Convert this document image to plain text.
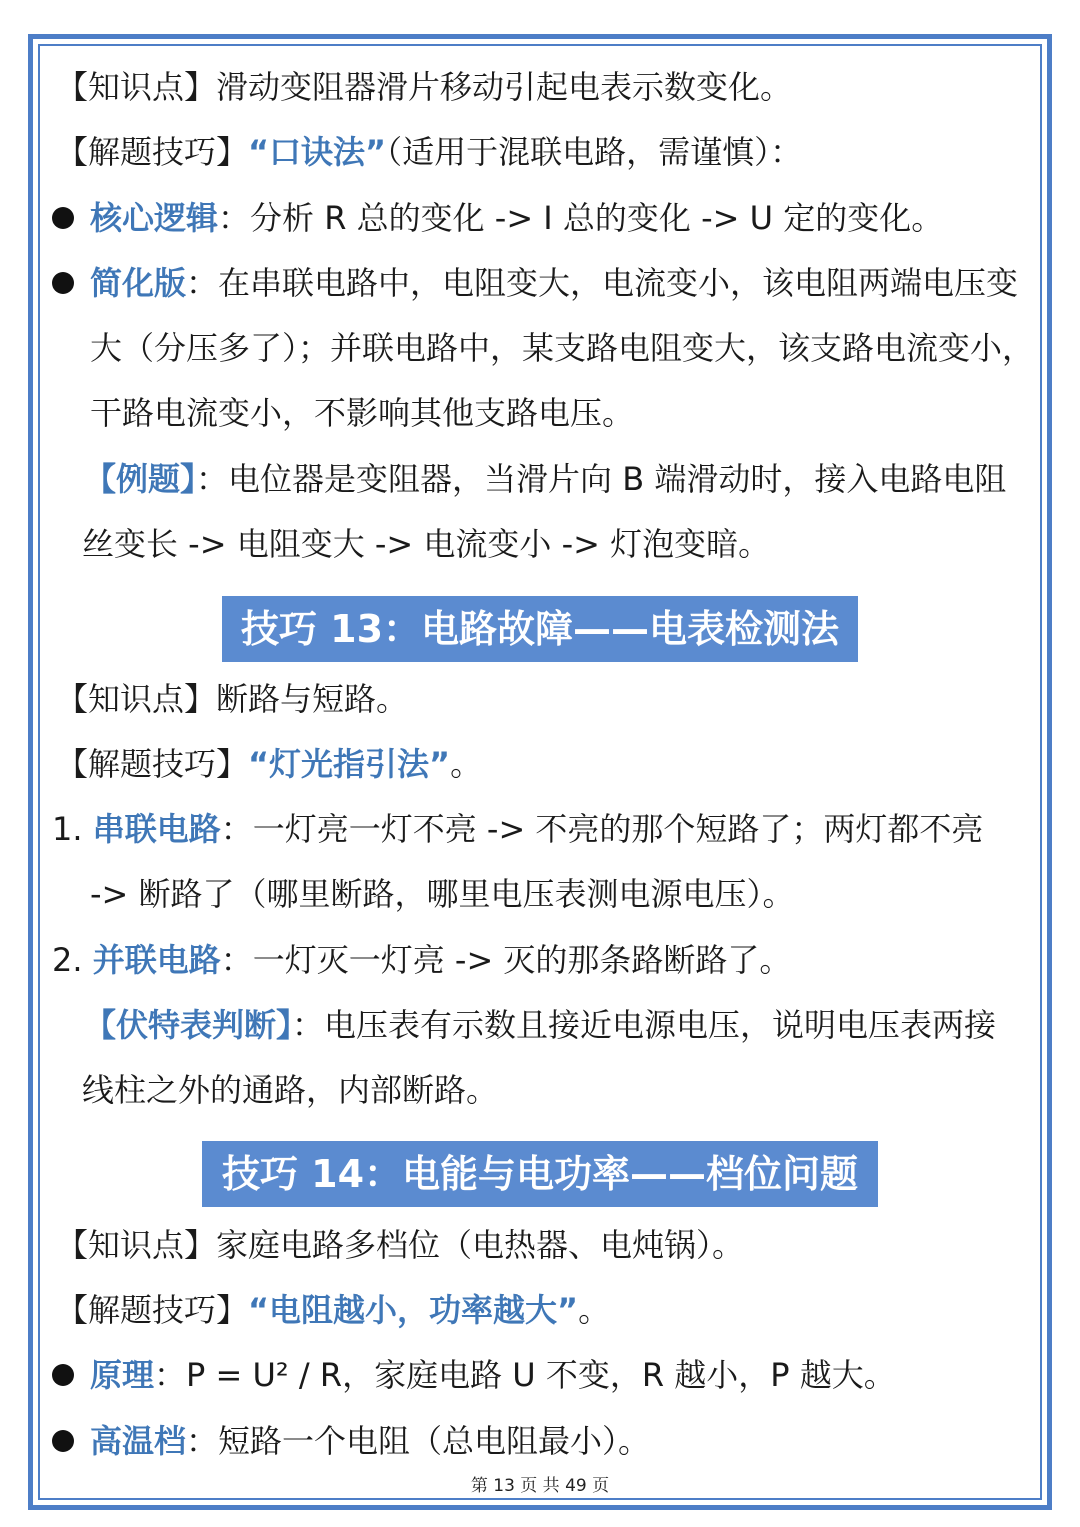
【知识点】滑动变阻器滑片移动引起电表示数变化。
【解题技巧】“口诀法”（适用于混联电路，需谨慎）：
核心逻辑：分析 R 总的变化 -> I 总的变化 -> U 定的变化。
简化版：在串联电路中，电阻变大，电流变小，该电阻两端电压变
大（分压多了）；并联电路中，某支路电阻变大，该支路电流变小，
干路电流变小，不影响其他支路电压。
【例题】：电位器是变阻器，当滑片向 B 端滑动时，接入电路电阻
丝变长 -> 电阻变大 -> 电流变小 -> 灯泡变暗。
技巧 13：电路故障——电表检测法
【知识点】断路与短路。
【解题技巧】“灯光指引法”。
1. 串联电路：一灯亮一灯不亮 -> 不亮的那个短路了；两灯都不亮
-> 断路了（哪里断路，哪里电压表测电源电压）。
2. 并联电路：一灯灭一灯亮 -> 灭的那条路断路了。
【伏特表判断】：电压表有示数且接近电源电压，说明电压表两接
线柱之外的通路，内部断路。
技巧 14：电能与电功率——档位问题
【知识点】家庭电路多档位（电热器、电炖锅）。
【解题技巧】“电阻越小，功率越大”。
原理：P = U² / R，家庭电路 U 不变，R 越小，P 越大。
高温档：短路一个电阻（总电阻最小）。
第 13 页 共 49 页
